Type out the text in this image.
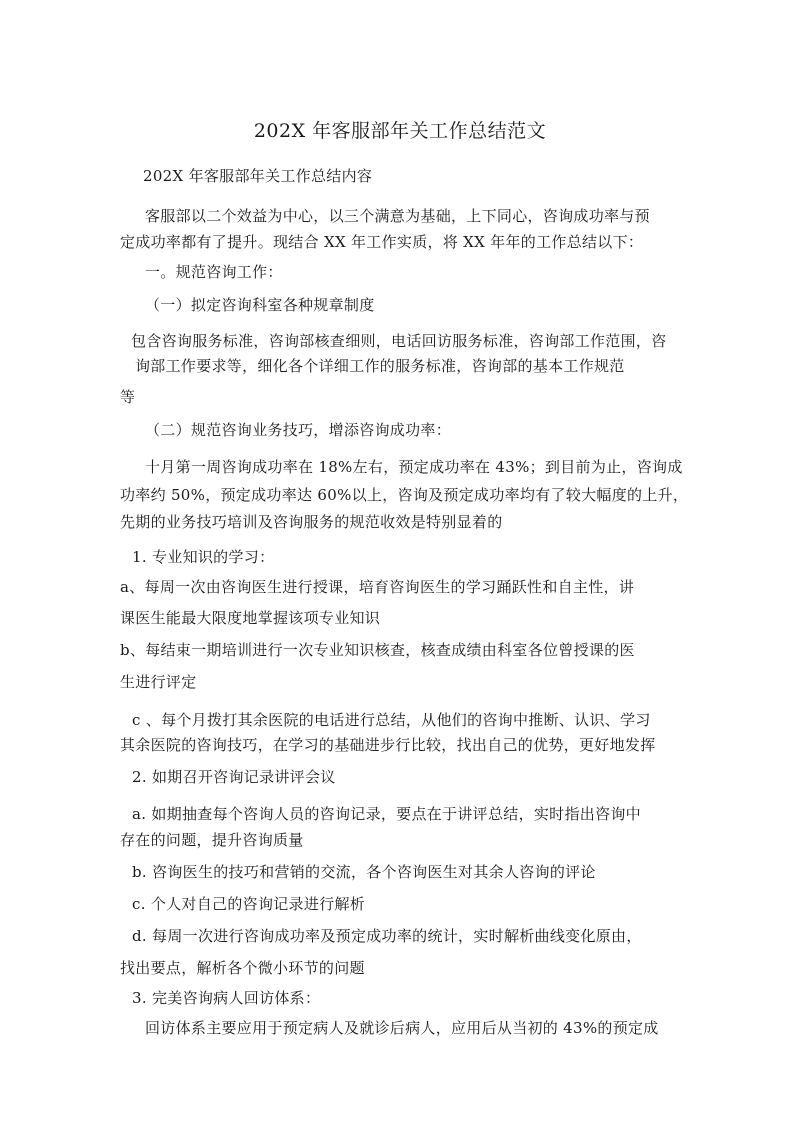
202X 年客服部年关工作总结范文
202X 年客服部年关工作总结内容
客服部以二个效益为中心，以三个满意为基础，上下同心，咨询成功率与预
定成功率都有了提升。现结合 XX 年工作实质，将 XX 年年的工作总结以下：
一。规范咨询工作：
（一）拟定咨询科室各种规章制度
包含咨询服务标准，咨询部核查细则，电话回访服务标准，咨询部工作范围，咨
询部工作要求等，细化各个详细工作的服务标准，咨询部的基本工作规范
等
（二）规范咨询业务技巧，增添咨询成功率：
十月第一周咨询成功率在 18%左右，预定成功率在 43%；到目前为止，咨询成
功率约 50%，预定成功率达 60%以上，咨询及预定成功率均有了较大幅度的上升，
先期的业务技巧培训及咨询服务的规范收效是特别显着的
1. 专业知识的学习：
a、每周一次由咨询医生进行授课，培育咨询医生的学习踊跃性和自主性，讲
课医生能最大限度地掌握该项专业知识
b、每结束一期培训进行一次专业知识核查，核查成绩由科室各位曾授课的医
生进行评定
c 、每个月拨打其余医院的电话进行总结，从他们的咨询中推断、认识、学习
其余医院的咨询技巧，在学习的基础进步行比较，找出自己的优势，更好地发挥
2. 如期召开咨询记录讲评会议
a. 如期抽查每个咨询人员的咨询记录，要点在于讲评总结，实时指出咨询中
存在的问题，提升咨询质量
b. 咨询医生的技巧和营销的交流，各个咨询医生对其余人咨询的评论
c. 个人对自己的咨询记录进行解析
d. 每周一次进行咨询成功率及预定成功率的统计，实时解析曲线变化原由，
找出要点，解析各个微小环节的问题
3. 完美咨询病人回访体系：
回访体系主要应用于预定病人及就诊后病人，应用后从当初的 43%的预定成
